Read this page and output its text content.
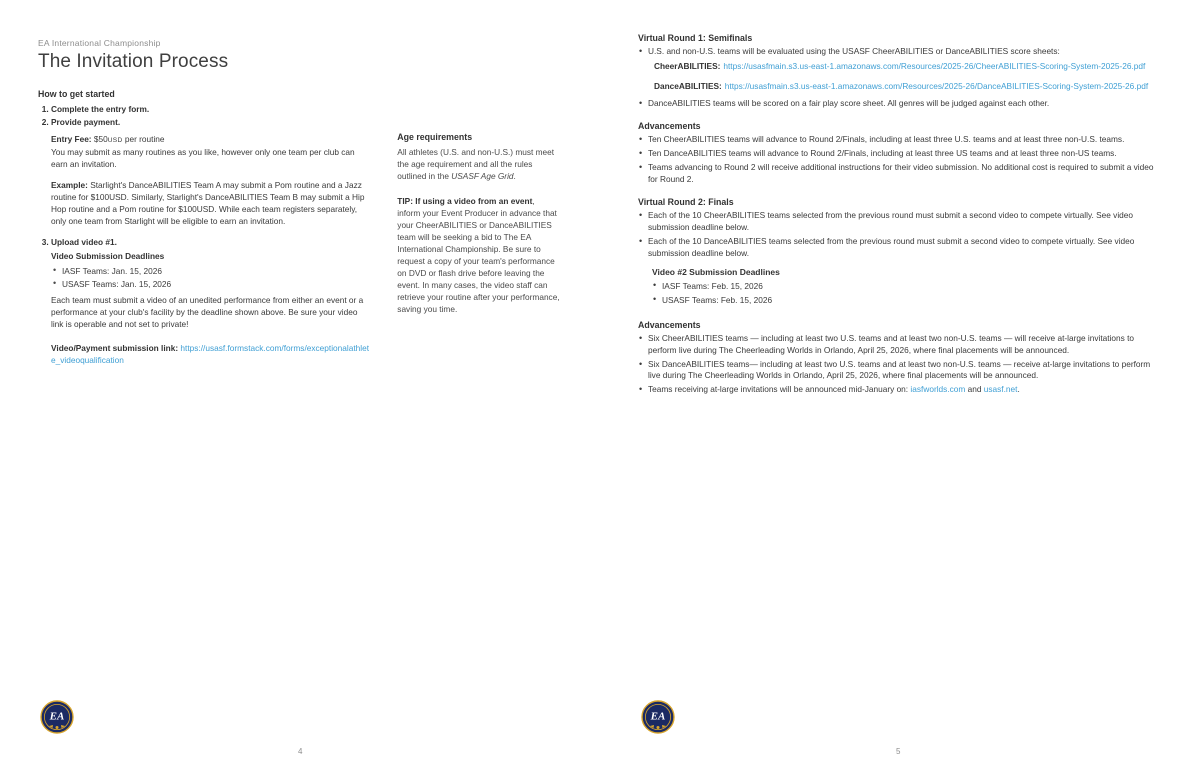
EA International Championship
The Invitation Process
How to get started
1. Complete the entry form.
2. Provide payment.
Entry Fee: $50USD per routine
You may submit as many routines as you like, however only one team per club can earn an invitation.
Example: Starlight's DanceABILITIES Team A may submit a Pom routine and a Jazz routine for $100USD. Similarly, Starlight's DanceABILITIES Team B may submit a Hip Hop routine and a Pom routine for $100USD. While each team registers separately, only one team from Starlight will be eligible to earn an invitation.
3. Upload video #1.
Video Submission Deadlines
• IASF Teams: Jan. 15, 2026
• USASF Teams: Jan. 15, 2026
Each team must submit a video of an unedited performance from either an event or a performance at your club's facility by the deadline shown above. Be sure your video link is operable and not set to private!
Video/Payment submission link: https://usasf.formstack.com/forms/exceptionalathlete_videoqualification
Age requirements

All athletes (U.S. and non-U.S.) must meet the age requirement and all the rules outlined in the USASF Age Grid.

TIP: If using a video from an event, inform your Event Producer in advance that your CheerABILITIES or DanceABILITIES team will be seeking a bid to The EA International Championship. Be sure to request a copy of your team's performance on DVD or flash drive before leaving the event. In many cases, the video staff can retrieve your routine after your performance, saving you time.

EA
4
Virtual Round 1: Semifinals
• U.S. and non-U.S. teams will be evaluated using the USASF CheerABILITIES or DanceABILITIES score sheets:
CheerABILITIES: https://usasfmain.s3.us-east-1.amazonaws.com/Resources/2025-26/CheerABILITIES-Scoring-System-2025-26.pdf
DanceABILITIES: https://usasfmain.s3.us-east-1.amazonaws.com/Resources/2025-26/DanceABILITIES-Scoring-System-2025-26.pdf
• DanceABILITIES teams will be scored on a fair play score sheet. All genres will be judged against each other.
Advancements
• Ten CheerABILITIES teams will advance to Round 2/Finals, including at least three U.S. teams and at least three non-U.S. teams.
• Ten DanceABILITIES teams will advance to Round 2/Finals, including at least three US teams and at least three non-US teams.
• Teams advancing to Round 2 will receive additional instructions for their video submission. No additional cost is required to submit a video for Round 2.
Virtual Round 2: Finals
• Each of the 10 CheerABILITIES teams selected from the previous round must submit a second video to compete virtually. See video submission deadline below.
• Each of the 10 DanceABILITIES teams selected from the previous round must submit a second video to compete virtually. See video submission deadline below.
Video #2 Submission Deadlines
• IASF Teams: Feb. 15, 2026
• USASF Teams: Feb. 15, 2026
Advancements
• Six CheerABILITIES teams — including at least two U.S. teams and at least two non-U.S. teams — will receive at-large invitations to perform live during The Cheerleading Worlds in Orlando, April 25, 2026, where final placements will be announced.
• Six DanceABILITIES teams— including at least two U.S. teams and at least two non-U.S. teams — receive at-large invitations to perform live during The Cheerleading Worlds in Orlando, April 25, 2026, where final placements will be announced.
• Teams receiving at-large invitations will be announced mid-January on: iasfworlds.com and usasf.net.
EA
5
